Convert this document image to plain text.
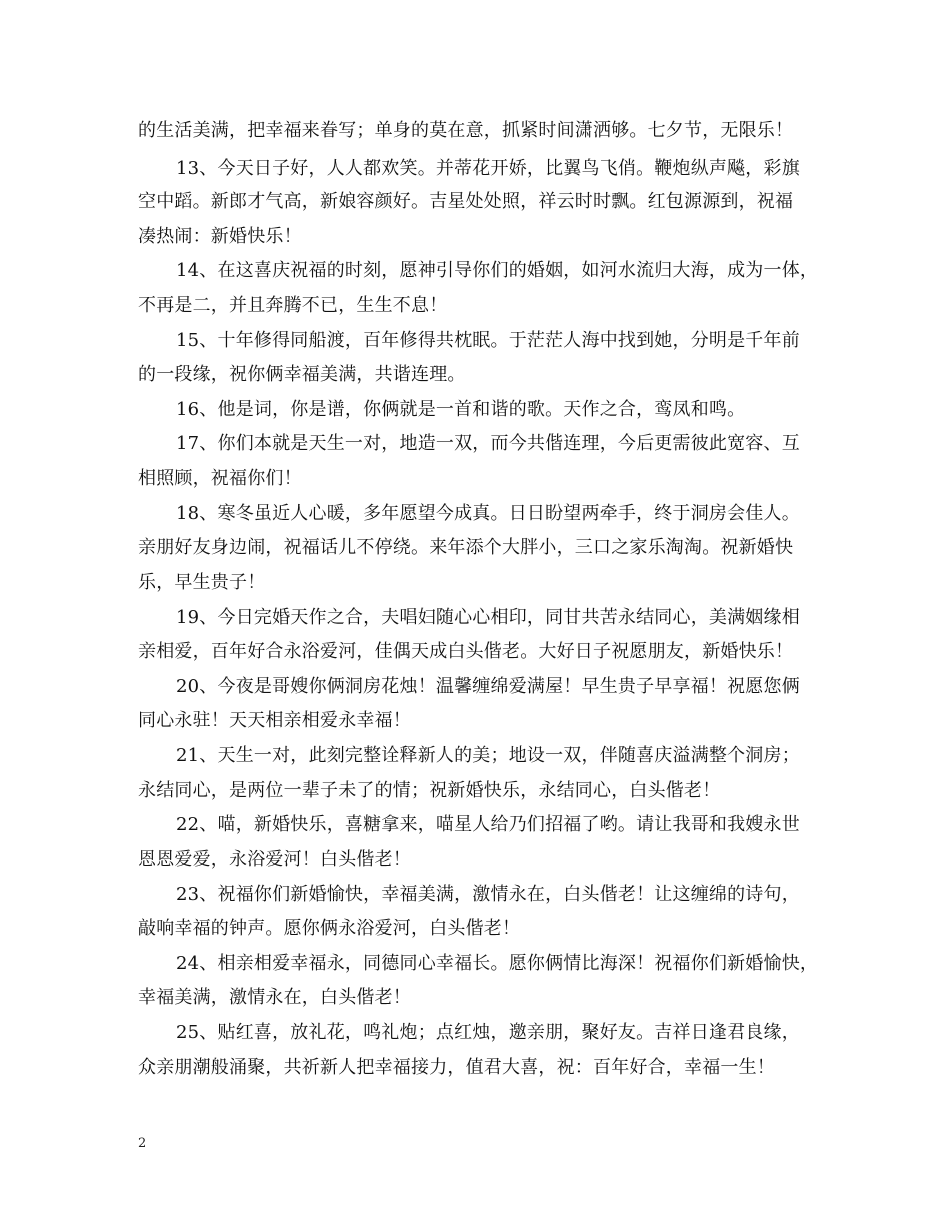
的生活美满，把幸福来眷写；单身的莫在意，抓紧时间潇洒够。七夕节，无限乐！
13、今天日子好，人人都欢笑。并蒂花开娇，比翼鸟飞俏。鞭炮纵声飚，彩旗
空中蹈。新郎才气高，新娘容颜好。吉星处处照，祥云时时飘。红包源源到，祝福
凑热闹：新婚快乐！
14、在这喜庆祝福的时刻，愿神引导你们的婚姻，如河水流归大海，成为一体，
不再是二，并且奔腾不已，生生不息！
15、十年修得同船渡，百年修得共枕眠。于茫茫人海中找到她，分明是千年前
的一段缘，祝你俩幸福美满，共谐连理。
16、他是词，你是谱，你俩就是一首和谐的歌。天作之合，鸾凤和鸣。
17、你们本就是天生一对，地造一双，而今共偕连理，今后更需彼此宽容、互
相照顾，祝福你们！
18、寒冬虽近人心暖，多年愿望今成真。日日盼望两牵手，终于洞房会佳人。
亲朋好友身边闹，祝福话儿不停绕。来年添个大胖小，三口之家乐淘淘。祝新婚快
乐，早生贵子！
19、今日完婚天作之合，夫唱妇随心心相印，同甘共苦永结同心，美满姻缘相
亲相爱，百年好合永浴爱河，佳偶天成白头偕老。大好日子祝愿朋友，新婚快乐！
20、今夜是哥嫂你俩洞房花烛！温馨缠绵爱满屋！早生贵子早享福！祝愿您俩
同心永驻！天天相亲相爱永幸福！
21、天生一对，此刻完整诠释新人的美；地设一双，伴随喜庆溢满整个洞房；
永结同心，是两位一辈子未了的情；祝新婚快乐，永结同心，白头偕老！
22、喵，新婚快乐，喜糖拿来，喵星人给乃们招福了哟。请让我哥和我嫂永世
恩恩爱爱，永浴爱河！白头偕老！
23、祝福你们新婚愉快，幸福美满，激情永在，白头偕老！让这缠绵的诗句，
敲响幸福的钟声。愿你俩永浴爱河，白头偕老！
24、相亲相爱幸福永，同德同心幸福长。愿你俩情比海深！祝福你们新婚愉快，
幸福美满，激情永在，白头偕老！
25、贴红喜，放礼花，鸣礼炮；点红烛，邀亲朋，聚好友。吉祥日逢君良缘，
众亲朋潮般涌聚，共祈新人把幸福接力，值君大喜，祝：百年好合，幸福一生！
2
